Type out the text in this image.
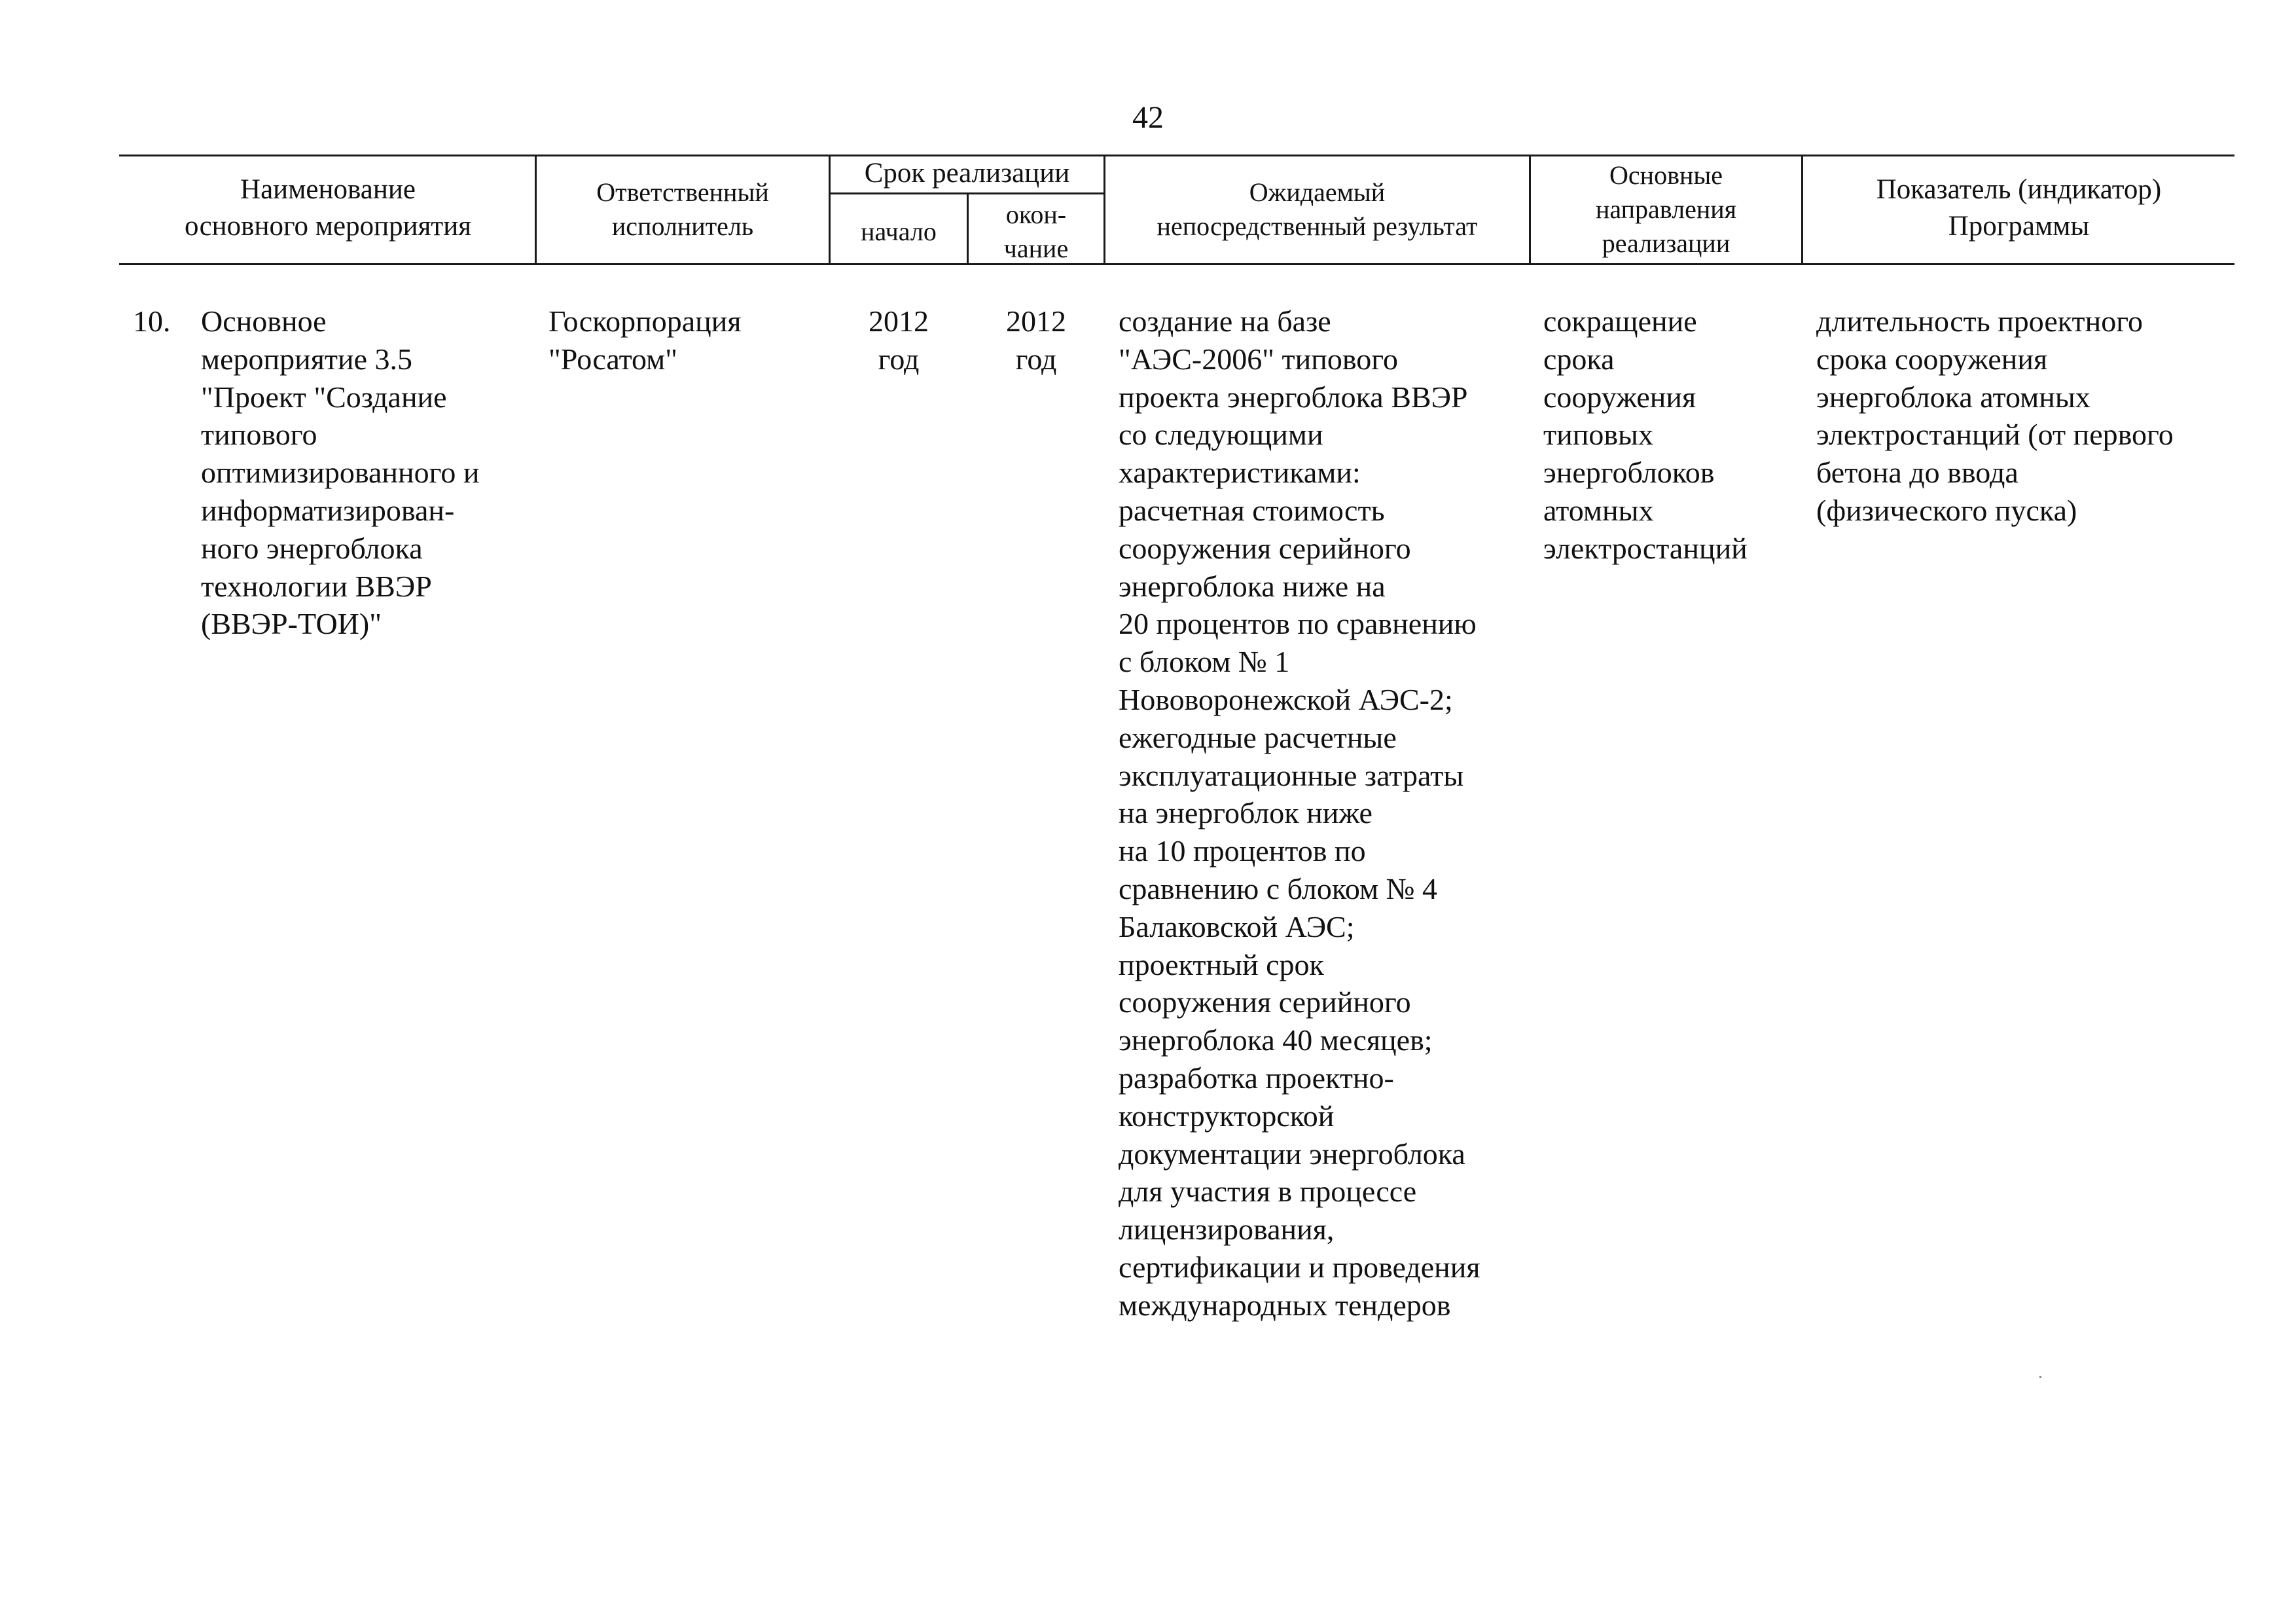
42
Наименование
основного мероприятия
Ответственный
исполнитель
Срок реализации
начало
окон-
чание
Ожидаемый
непосредственный результат
Основные
направления
реализации
Показатель (индикатор)
Программы
10. Основное
мероприятие 3.5
"Проект "Создание
типового
оптимизированного и
информатизирован-
ного энергоблока
технологии ВВЭР
(ВВЭР-ТОИ)"
Госкорпорация
"Росатом"
2012
год
2012
год
создание на базе
"АЭС-2006" типового
проекта энергоблока ВВЭР
со следующими
характеристиками:
расчетная стоимость
сооружения серийного
энергоблока ниже на
20 процентов по сравнению
с блоком № 1
Нововоронежской АЭС-2;
ежегодные расчетные
эксплуатационные затраты
на энергоблок ниже
на 10 процентов по
сравнению с блоком № 4
Балаковской АЭС;
проектный срок
сооружения серийного
энергоблока 40 месяцев;
разработка проектно-
конструкторской
документации энергоблока
для участия в процессе
лицензирования,
сертификации и проведения
международных тендеров
сокращение
срока
сооружения
типовых
энергоблоков
атомных
электростанций
длительность проектного
срока сооружения
энергоблока атомных
электростанций (от первого
бетона до ввода
(физического пуска)
